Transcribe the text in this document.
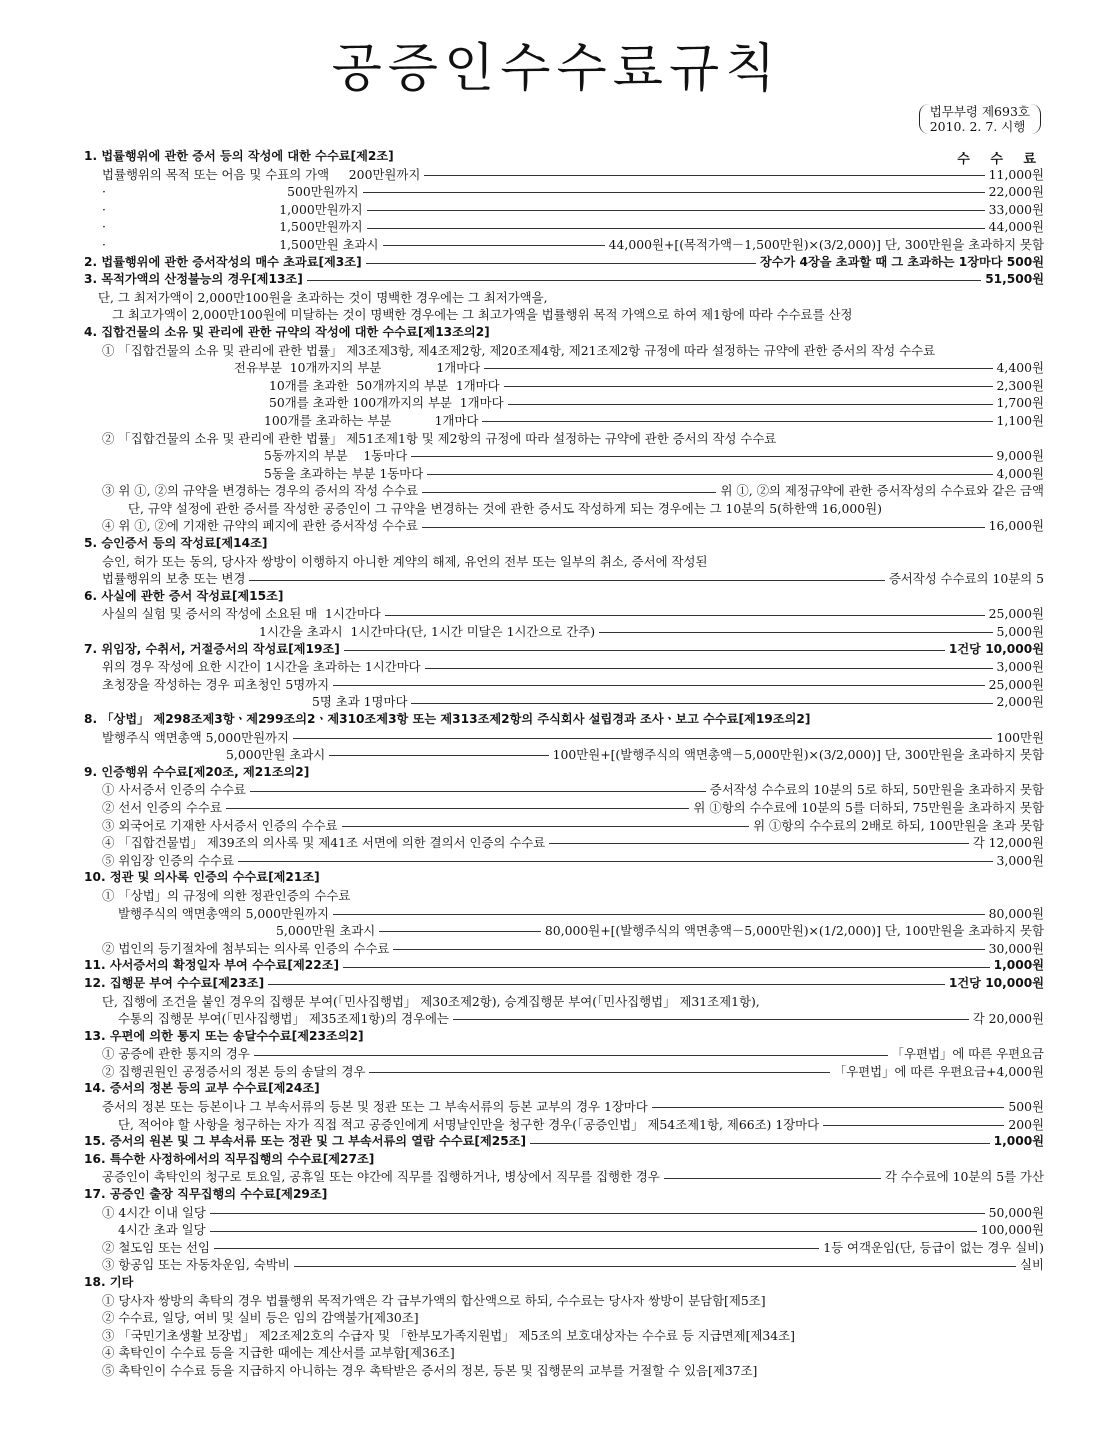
공증인수수료규칙
법무부령 제693호
2010. 2. 7. 시행
수 수 료
1. 법률행위에 관한 증서 등의 작성에 대한 수수료[제2조]
법률행위의 목적 또는 어음 및 수표의 가액     200만원까지	11,000원
·                                              500만원까지	22,000원
·                                            1,000만원까지	33,000원
·                                            1,500만원까지	44,000원
·                                            1,500만원 초과시	44,000원+[(목적가액－1,500만원)×(3/2,000)] 단, 300만원을 초과하지 못함
2. 법률행위에 관한 증서작성의 매수 초과료[제3조]	장수가 4장을 초과할 때 그 초과하는 1장마다 500원
3. 목적가액의 산정불능의 경우[제13조]	51,500원
단, 그 최저가액이 2,000만100원을 초과하는 것이 명백한 경우에는 그 최저가액을,
그 최고가액이 2,000만100원에 미달하는 것이 명백한 경우에는 그 최고가액을 법률행위 목적 가액으로 하여 제1항에 따라 수수료를 산정
4. 집합건물의 소유 및 관리에 관한 규약의 작성에 대한 수수료[제13조의2]
① 「집합건물의 소유 및 관리에 관한 법률」 제3조제3항, 제4조제2항, 제20조제4항, 제21조제2항 규정에 따라 설정하는 규약에 관한 증서의 작성 수수료
전유부분  10개까지의 부분              1개마다	4,400원
10개를 초과한  50개까지의 부분  1개마다	2,300원
50개를 초과한 100개까지의 부분  1개마다	1,700원
100개를 초과하는 부분           1개마다	1,100원
② 「집합건물의 소유 및 관리에 관한 법률」 제51조제1항 및 제2항의 규정에 따라 설정하는 규약에 관한 증서의 작성 수수료
5동까지의 부분    1동마다	9,000원
5동을 초과하는 부분 1동마다	4,000원
③ 위 ①, ②의 규약을 변경하는 경우의 증서의 작성 수수료	위 ①, ②의 제정규약에 관한 증서작성의 수수료와 같은 금액
단, 규약 설정에 관한 증서를 작성한 공증인이 그 규약을 변경하는 것에 관한 증서도 작성하게 되는 경우에는 그 10분의 5(하한액 16,000원)
④ 위 ①, ②에 기재한 규약의 폐지에 관한 증서작성 수수료	16,000원
5. 승인증서 등의 작성료[제14조]
승인, 허가 또는 동의, 당사자 쌍방이 이행하지 아니한 계약의 해제, 유언의 전부 또는 일부의 취소, 증서에 작성된
법률행위의 보충 또는 변경	증서작성 수수료의 10분의 5
6. 사실에 관한 증서 작성료[제15조]
사실의 실험 및 증서의 작성에 소요된 매  1시간마다	25,000원
1시간을 초과시  1시간마다(단, 1시간 미달은 1시간으로 간주)	5,000원
7. 위임장, 수취서, 거절증서의 작성료[제19조]	1건당 10,000원
위의 경우 작성에 요한 시간이 1시간을 초과하는 1시간마다	3,000원
초청장을 작성하는 경우 피초청인 5명까지	25,000원
5명 초과 1명마다	2,000원
8. 「상법」 제298조제3항ㆍ제299조의2ㆍ제310조제3항 또는 제313조제2항의 주식회사 설립경과 조사ㆍ보고 수수료[제19조의2]
발행주식 액면총액 5,000만원까지	100만원
5,000만원 초과시	100만원+[(발행주식의 액면총액－5,000만원)×(3/2,000)] 단, 300만원을 초과하지 못함
9. 인증행위 수수료[제20조, 제21조의2]
① 사서증서 인증의 수수료	증서작성 수수료의 10분의 5로 하되, 50만원을 초과하지 못함
② 선서 인증의 수수료	위 ①항의 수수료에 10분의 5를 더하되, 75만원을 초과하지 못함
③ 외국어로 기재한 사서증서 인증의 수수료	위 ①항의 수수료의 2배로 하되, 100만원을 초과 못함
④ 「집합건물법」 제39조의 의사록 및 제41조 서면에 의한 결의서 인증의 수수료	각 12,000원
⑤ 위임장 인증의 수수료	3,000원
10. 정관 및 의사록 인증의 수수료[제21조]
① 「상법」의 규정에 의한 정관인증의 수수료
발행주식의 액면총액의 5,000만원까지	80,000원
5,000만원 초과시	80,000원+[(발행주식의 액면총액－5,000만원)×(1/2,000)] 단, 100만원을 초과하지 못함
② 법인의 등기절차에 첨부되는 의사록 인증의 수수료	30,000원
11. 사서증서의 확정일자 부여 수수료[제22조]	1,000원
12. 집행문 부여 수수료[제23조]	1건당 10,000원
단, 집행에 조건을 붙인 경우의 집행문 부여(「민사집행법」 제30조제2항), 승계집행문 부여(「민사집행법」 제31조제1항),
수통의 집행문 부여(「민사집행법」 제35조제1항)의 경우에는	각 20,000원
13. 우편에 의한 통지 또는 송달수수료[제23조의2]
① 공증에 관한 통지의 경우	「우편법」에 따른 우편요금
② 집행권원인 공정증서의 정본 등의 송달의 경우	「우편법」에 따른 우편요금+4,000원
14. 증서의 정본 등의 교부 수수료[제24조]
증서의 정본 또는 등본이나 그 부속서류의 등본 및 정관 또는 그 부속서류의 등본 교부의 경우 1장마다	500원
단, 적어야 할 사항을 청구하는 자가 직접 적고 공증인에게 서명날인만을 청구한 경우(「공증인법」 제54조제1항, 제66조) 1장마다	200원
15. 증서의 원본 및 그 부속서류 또는 정관 및 그 부속서류의 열람 수수료[제25조]	1,000원
16. 특수한 사정하에서의 직무집행의 수수료[제27조]
공증인이 촉탁인의 청구로 토요일, 공휴일 또는 야간에 직무를 집행하거나, 병상에서 직무를 집행한 경우	각 수수료에 10분의 5를 가산
17. 공증인 출장 직무집행의 수수료[제29조]
① 4시간 이내 일당	50,000원
4시간 초과 일당	100,000원
② 철도임 또는 선임	1등 여객운임(단, 등급이 없는 경우 실비)
③ 항공임 또는 자동차운임, 숙박비	실비
18. 기타
① 당사자 쌍방의 촉탁의 경우 법률행위 목적가액은 각 급부가액의 합산액으로 하되, 수수료는 당사자 쌍방이 분담함[제5조]
② 수수료, 일당, 여비 및 실비 등은 임의 감액불가[제30조]
③ 「국민기초생활 보장법」 제2조제2호의 수급자 및 「한부모가족지원법」 제5조의 보호대상자는 수수료 등 지급면제[제34조]
④ 촉탁인이 수수료 등을 지급한 때에는 계산서를 교부함[제36조]
⑤ 촉탁인이 수수료 등을 지급하지 아니하는 경우 촉탁받은 증서의 정본, 등본 및 집행문의 교부를 거절할 수 있음[제37조]
